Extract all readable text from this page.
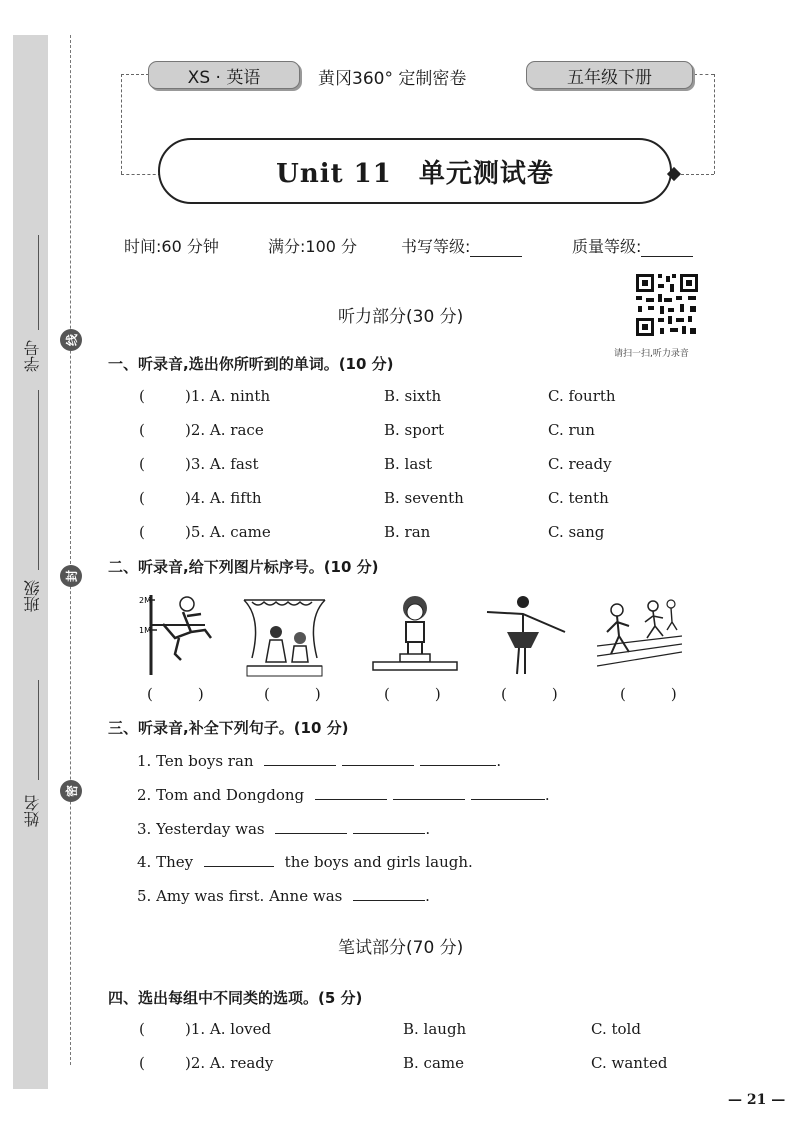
学号
班级
姓名
线
封
密
XS · 英语	黄冈360° 定制密卷	五年级下册
Unit 11　单元测试卷
时间:60 分钟	满分:100 分	书写等级:	质量等级:
请扫一扫,听力录音
听力部分(30 分)
一、听录音,选出你所听到的单词。(10 分)
(	)1. A. ninth	B. sixth	C. fourth
(	)2. A. race	B. sport	C. run
(	)3. A. fast	B. last	C. ready
(	)4. A. fifth	B. seventh	C. tenth
(	)5. A. came	B. ran	C. sang
二、听录音,给下列图片标序号。(10 分)
2M
1M
(　　　)	(　　　)	(　　　)	(　　　)	(　　　)
三、听录音,补全下列句子。(10 分)
1. Ten boys ran	.
2. Tom and Dongdong	.
3. Yesterday was	.
4. They	the boys and girls laugh.
5. Amy was first. Anne was	.
笔试部分(70 分)
四、选出每组中不同类的选项。(5 分)
(	)1. A. loved	B. laugh	C. told
(	)2. A. ready	B. came	C. wanted
— 21 —
